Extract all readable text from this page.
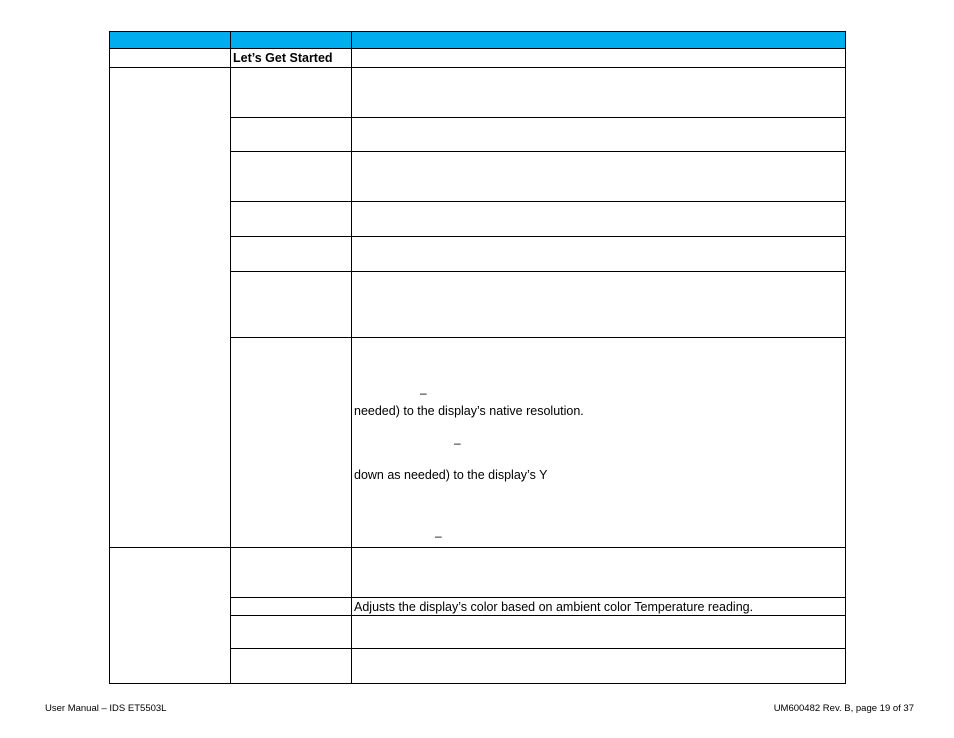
	Let’s Get Started	

		–
needed) to the display’s native resolution.
–
down as needed) to the display’s Y
–

		Adjusts the display’s color based on ambient color Temperature reading.

User Manual – IDS ET5503L	UM600482 Rev. B, page 19 of 37
